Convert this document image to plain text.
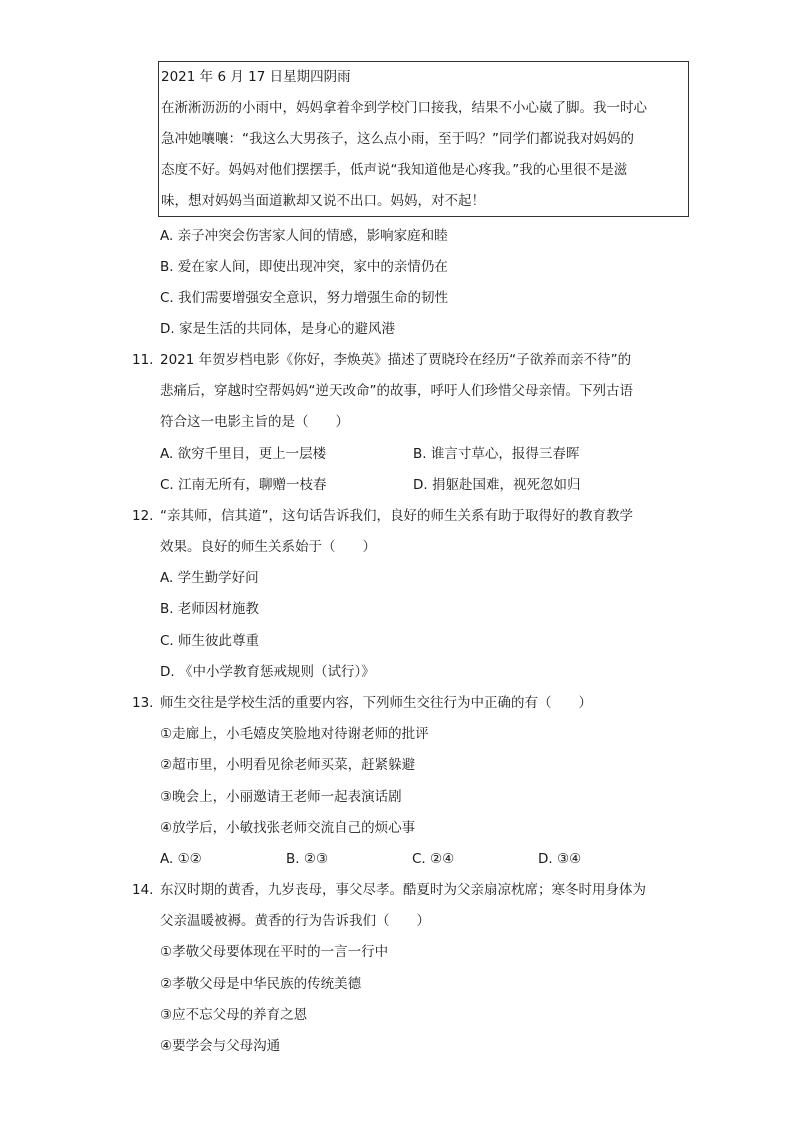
2021 年 6 月 17 日星期四阴雨
在淅淅沥沥的小雨中，妈妈拿着伞到学校门口接我，结果不小心崴了脚。我一时心
急冲她嚷嚷：“我这么大男孩子，这么点小雨，至于吗？”同学们都说我对妈妈的
态度不好。妈妈对他们摆摆手，低声说“我知道他是心疼我。”我的心里很不是滋
味，想对妈妈当面道歉却又说不出口。妈妈，对不起！
A. 亲子冲突会伤害家人间的情感，影响家庭和睦
B. 爱在家人间，即使出现冲突，家中的亲情仍在
C. 我们需要增强安全意识，努力增强生命的韧性
D. 家是生活的共同体，是身心的避风港
11. 2021 年贺岁档电影《你好，李焕英》描述了贾晓玲在经历“子欲养而亲不待”的
悲痛后，穿越时空帮妈妈“逆天改命”的故事，呼吁人们珍惜父母亲情。下列古语
符合这一电影主旨的是（　　）
A. 欲穷千里目，更上一层楼	B. 谁言寸草心，报得三春晖
C. 江南无所有，聊赠一枝春	D. 捐躯赴国难，视死忽如归
12. “亲其师，信其道”，这句话告诉我们，良好的师生关系有助于取得好的教育教学
效果。良好的师生关系始于（　　）
A. 学生勤学好问
B. 老师因材施教
C. 师生彼此尊重
D. 《中小学教育惩戒规则（试行）》
13. 师生交往是学校生活的重要内容，下列师生交往行为中正确的有（　　）
①走廊上，小毛嬉皮笑脸地对待谢老师的批评
②超市里，小明看见徐老师买菜，赶紧躲避
③晚会上，小丽邀请王老师一起表演话剧
④放学后，小敏找张老师交流自己的烦心事
A. ①②	B. ②③	C. ②④	D. ③④
14. 东汉时期的黄香，九岁丧母，事父尽孝。酷夏时为父亲扇凉枕席；寒冬时用身体为
父亲温暖被褥。黄香的行为告诉我们（　　）
①孝敬父母要体现在平时的一言一行中
②孝敬父母是中华民族的传统美德
③应不忘父母的养育之恩
④要学会与父母沟通
